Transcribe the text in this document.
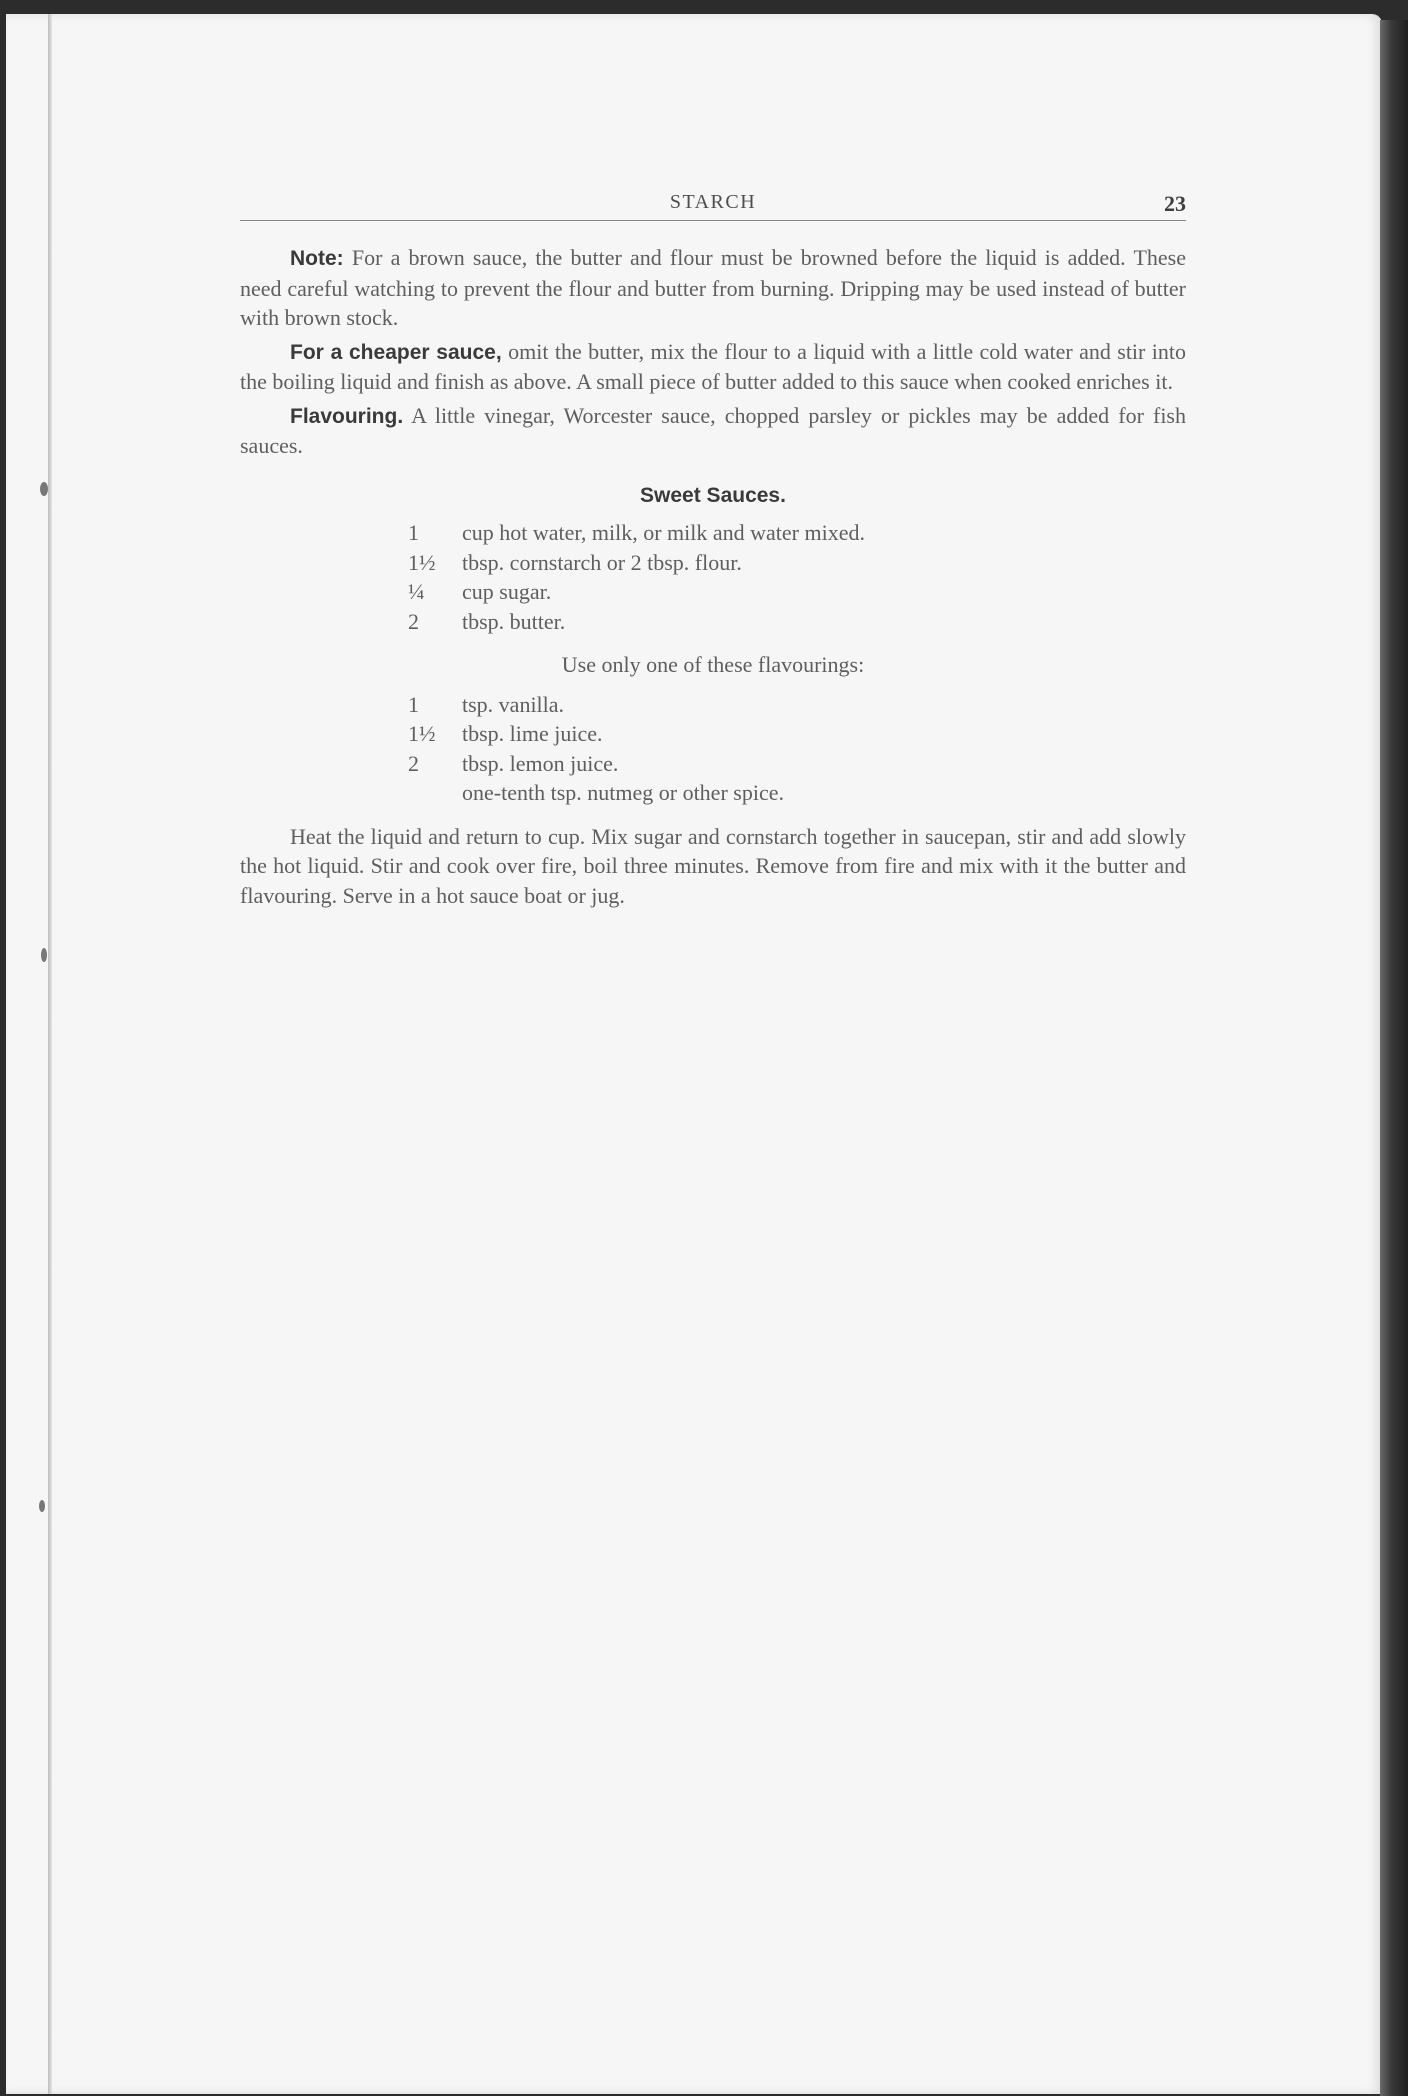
STARCH	23

Note: For a brown sauce, the butter and flour must be browned before the liquid is added. These need careful watching to prevent the flour and butter from burning. Dripping may be used instead of butter with brown stock.

For a cheaper sauce, omit the butter, mix the flour to a liquid with a little cold water and stir into the boiling liquid and finish as above. A small piece of butter added to this sauce when cooked enriches it.

Flavouring. A little vinegar, Worcester sauce, chopped parsley or pickles may be added for fish sauces.

Sweet Sauces.
1	cup hot water, milk, or milk and water mixed.
1½	tbsp. cornstarch or 2 tbsp. flour.
¼	cup sugar.
2	tbsp. butter.
Use only one of these flavourings:
1	tsp. vanilla.
1½	tbsp. lime juice.
2	tbsp. lemon juice.
one-tenth tsp. nutmeg or other spice.

Heat the liquid and return to cup. Mix sugar and cornstarch together in saucepan, stir and add slowly the hot liquid. Stir and cook over fire, boil three minutes. Remove from fire and mix with it the butter and flavouring. Serve in a hot sauce boat or jug.
